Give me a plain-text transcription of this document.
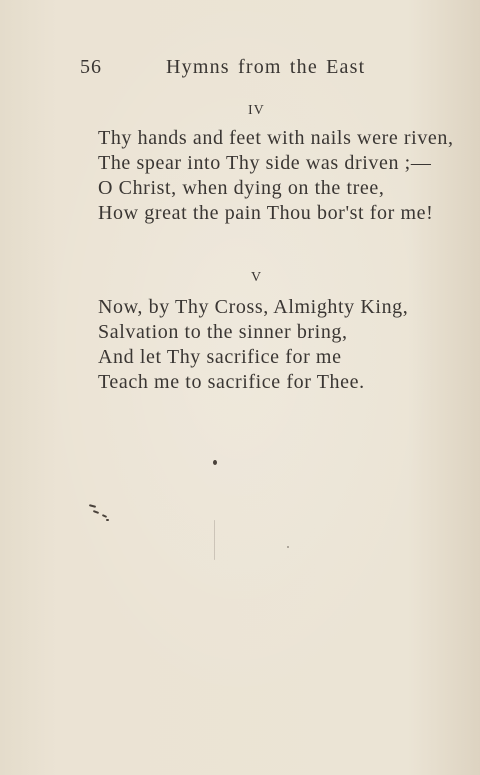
56	Hymns from the East
IV
Thy hands and feet with nails were riven,
The spear into Thy side was driven ;—
O Christ, when dying on the tree,
How great the pain Thou bor'st for me!
V
Now, by Thy Cross, Almighty King,
Salvation to the sinner bring,
And let Thy sacrifice for me
Teach me to sacrifice for Thee.
